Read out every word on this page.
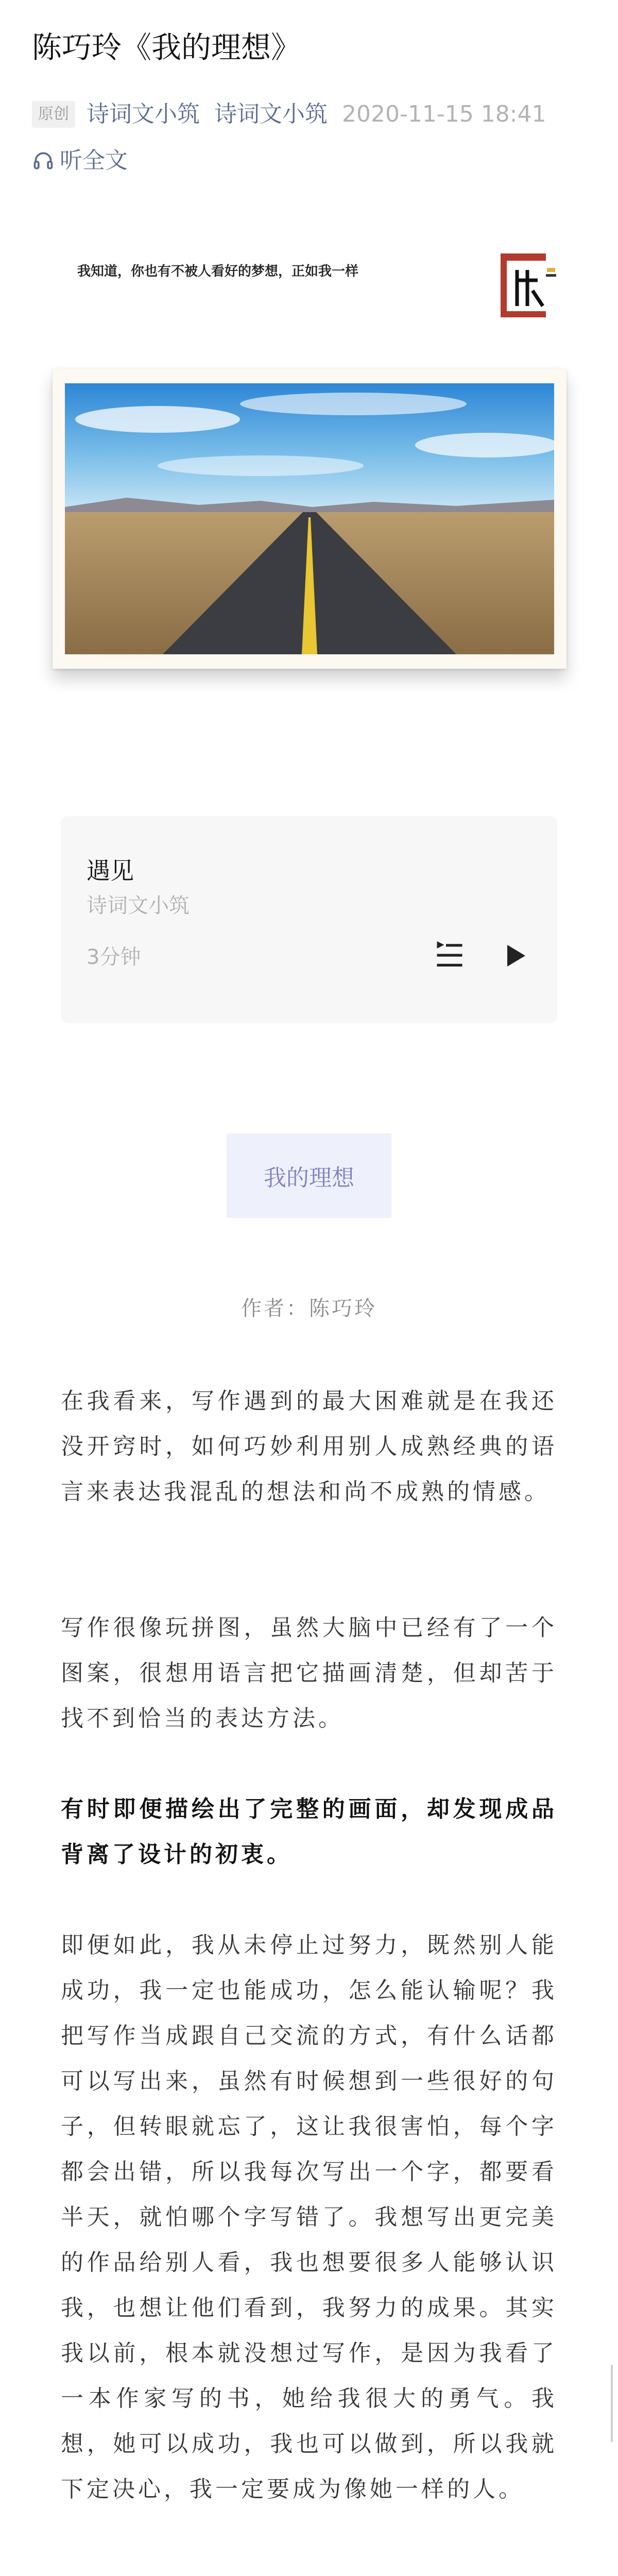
陈巧玲《我的理想》
原创 诗词文小筑 诗词文小筑 2020-11-15 18:41
听全文
我知道，你也有不被人看好的梦想，正如我一样
遇见
诗词文小筑
3分钟
我的理想
作者：陈巧玲

在我看来，写作遇到的最大困难就是在我还没开窍时，如何巧妙利用别人成熟经典的语言来表达我混乱的想法和尚不成熟的情感。

写作很像玩拼图，虽然大脑中已经有了一个图案，很想用语言把它描画清楚，但却苦于找不到恰当的表达方法。

有时即便描绘出了完整的画面，却发现成品背离了设计的初衷。

即便如此，我从未停止过努力，既然别人能成功，我一定也能成功，怎么能认输呢？我把写作当成跟自己交流的方式，有什么话都可以写出来，虽然有时候想到一些很好的句子，但转眼就忘了，这让我很害怕，每个字都会出错，所以我每次写出一个字，都要看半天，就怕哪个字写错了。我想写出更完美的作品给别人看，我也想要很多人能够认识我，也想让他们看到，我努力的成果。其实我以前，根本就没想过写作，是因为我看了一本作家写的书，她给我很大的勇气。我想，她可以成功，我也可以做到，所以我就下定决心，我一定要成为像她一样的人。
